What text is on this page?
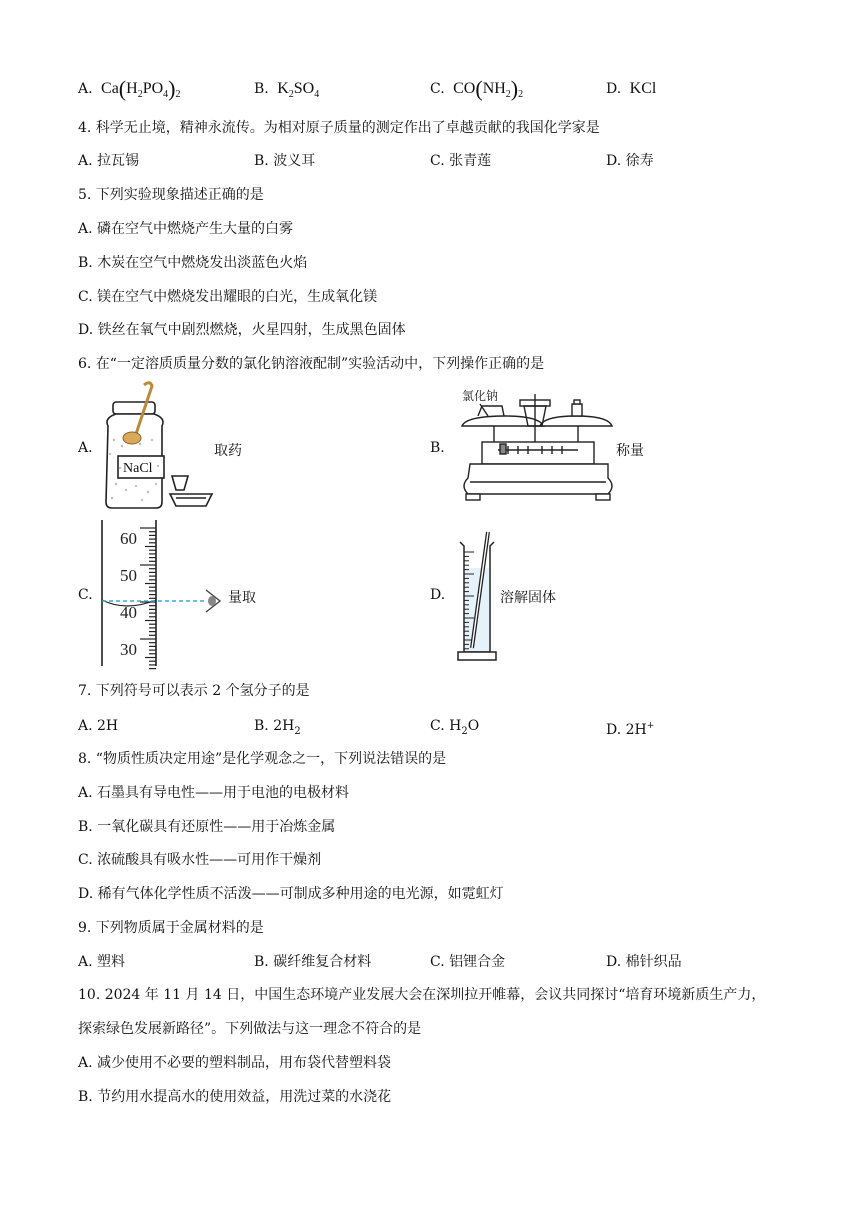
A. $Ca(H_2PO_4)_2$	B. $K_2SO_4$	C. $CO(NH_2)_2$	D. KCl
4. 科学无止境，精神永流传。为相对原子质量的测定作出了卓越贡献的我国化学家是
A. 拉瓦锡	B. 波义耳	C. 张青莲	D. 徐寿
5. 下列实验现象描述正确的是
A. 磷在空气中燃烧产生大量的白雾
B. 木炭在空气中燃烧发出淡蓝色火焰
C. 镁在空气中燃烧发出耀眼的白光，生成氧化镁
D. 铁丝在氧气中剧烈燃烧，火星四射，生成黑色固体
6. 在“一定溶质质量分数的氯化钠溶液配制”实验活动中，下列操作正确的是
A.
NaCl
取药	B.
氯化钠
称量
C.
60
50
40
30
量取	D.	溶解固体
7. 下列符号可以表示 2 个氢分子的是
A. 2H	B. $2H_2$	C. $H_2O$	D. 2H+
8. “物质性质决定用途”是化学观念之一，下列说法错误的是
A. 石墨具有导电性——用于电池的电极材料
B. 一氧化碳具有还原性——用于冶炼金属
C. 浓硫酸具有吸水性——可用作干燥剂
D. 稀有气体化学性质不活泼——可制成多种用途的电光源，如霓虹灯
9. 下列物质属于金属材料的是
A. 塑料	B. 碳纤维复合材料	C. 铝锂合金	D. 棉针织品
10. 2024 年 11 月 14 日，中国生态环境产业发展大会在深圳拉开帷幕，会议共同探讨“培育环境新质生产力，
探索绿色发展新路径”。下列做法与这一理念不符合的是
A. 减少使用不必要的塑料制品，用布袋代替塑料袋
B. 节约用水提高水的使用效益，用洗过菜的水浇花
